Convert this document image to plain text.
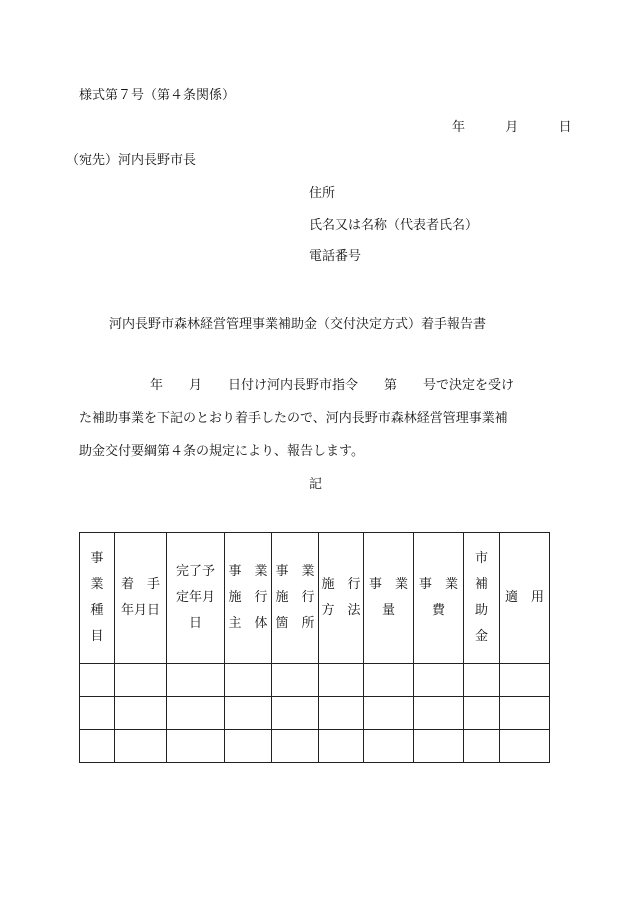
様式第７号（第４条関係）
年	月	日
（宛先）河内長野市長
住所
氏名又は名称（代表者氏名）
電話番号
河内長野市森林経営管理事業補助金（交付決定方式）着手報告書
年　　月　　日付け河内長野市指令　　第　　号で決定を受け
た補助事業を下記のとおり着手したので、河内長野市森林経営管理事業補
助金交付要綱第４条の規定により、報告します。
記
事
業
種
目	着　手
年月日	完了予
定年月
日	事　業
施　行
主　体	事　業
施　行
箇　所	施　行
方　法	事　業
量	事　業
費	市
補
助
金	適　用
